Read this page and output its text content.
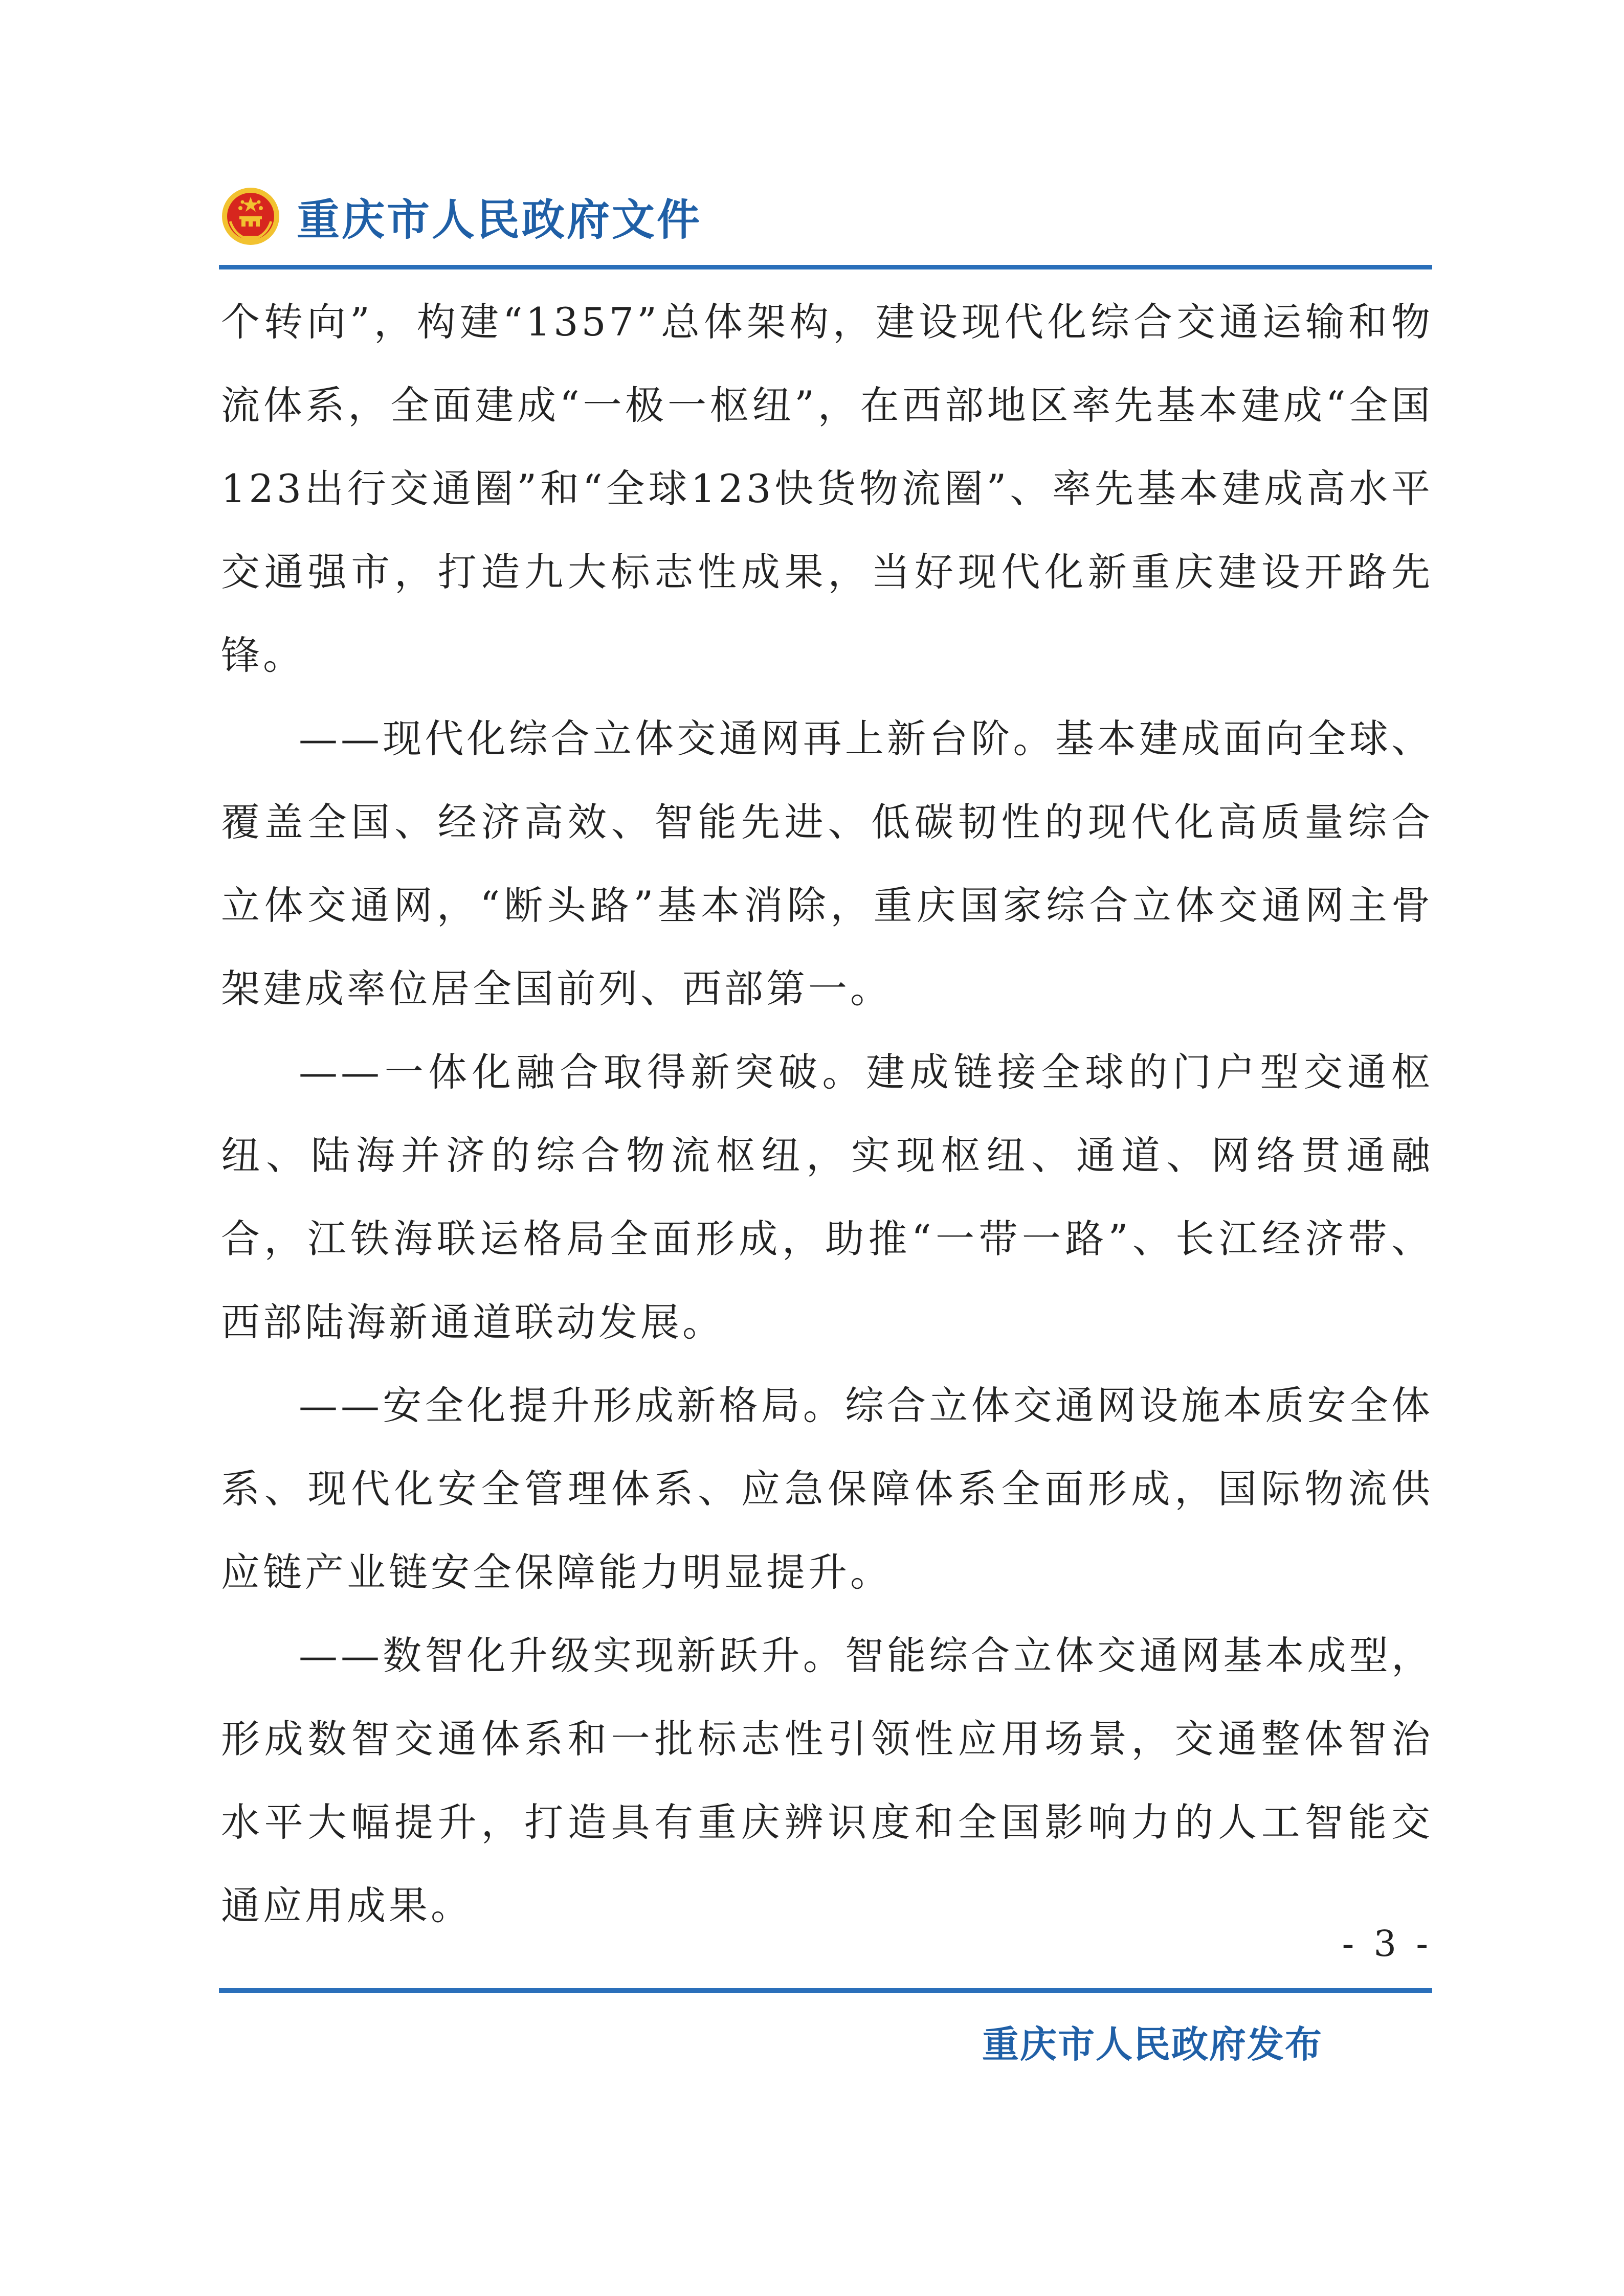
重庆市人民政府文件

个转向”，构建“1357”总体架构，建设现代化综合交通运输和物流体系，全面建成“一极一枢纽”，在西部地区率先基本建成“全国123出行交通圈”和“全球123快货物流圈”、率先基本建成高水平交通强市，打造九大标志性成果，当好现代化新重庆建设开路先锋。

——现代化综合立体交通网再上新台阶。基本建成面向全球、覆盖全国、经济高效、智能先进、低碳韧性的现代化高质量综合立体交通网，“断头路”基本消除，重庆国家综合立体交通网主骨架建成率位居全国前列、西部第一。

——一体化融合取得新突破。建成链接全球的门户型交通枢纽、陆海并济的综合物流枢纽，实现枢纽、通道、网络贯通融合，江铁海联运格局全面形成，助推“一带一路”、长江经济带、西部陆海新通道联动发展。

——安全化提升形成新格局。综合立体交通网设施本质安全体系、现代化安全管理体系、应急保障体系全面形成，国际物流供应链产业链安全保障能力明显提升。

——数智化升级实现新跃升。智能综合立体交通网基本成型，形成数智交通体系和一批标志性引领性应用场景，交通整体智治水平大幅提升，打造具有重庆辨识度和全国影响力的人工智能交通应用成果。

- 3 -
重庆市人民政府发布
